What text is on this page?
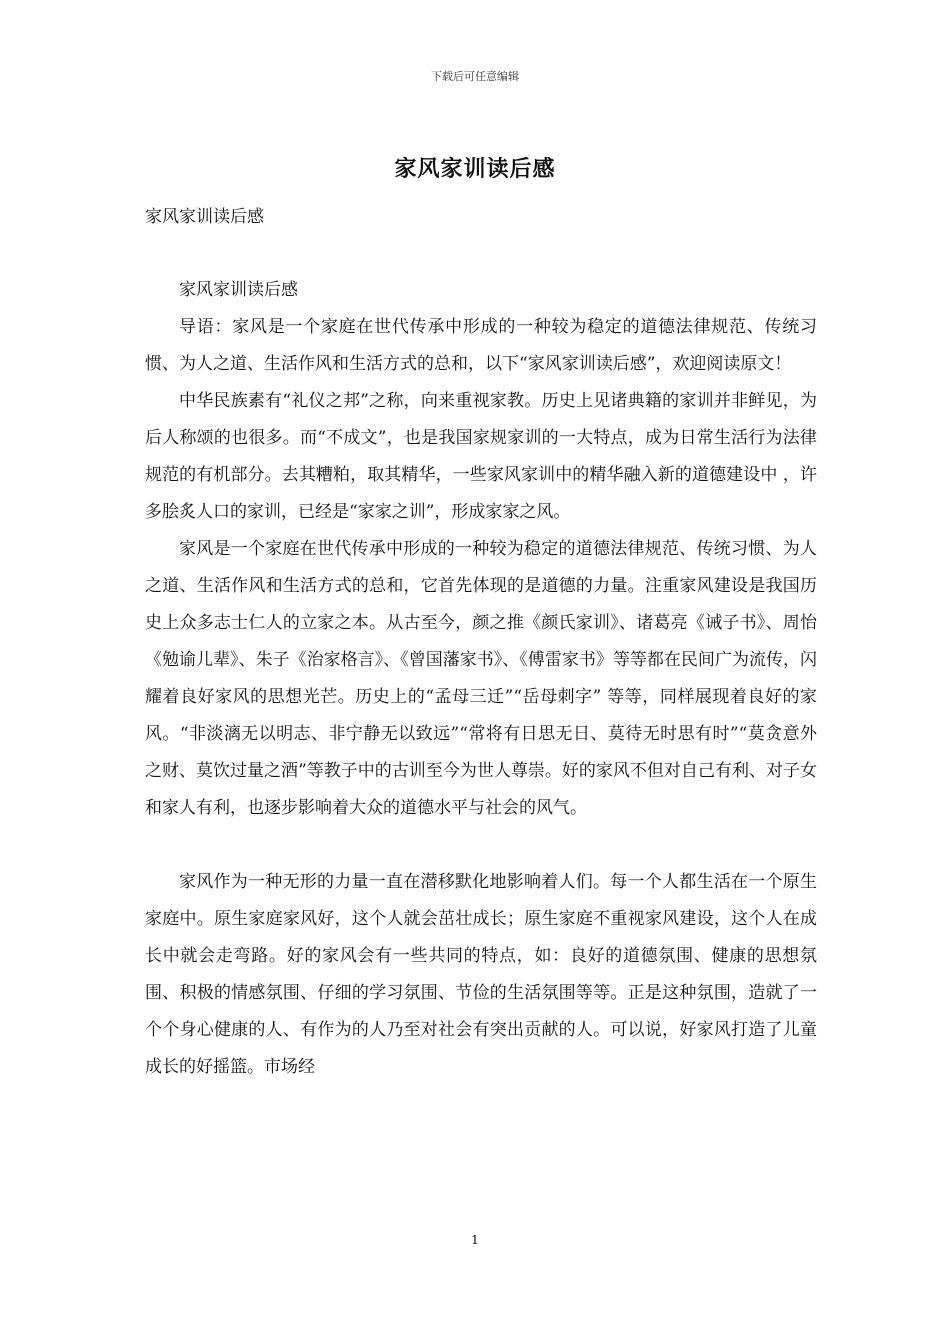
下载后可任意编辑
家风家训读后感
家风家训读后感

家风家训读后感

导语：家风是一个家庭在世代传承中形成的一种较为稳定的道德法律规范、传统习惯、为人之道、生活作风和生活方式的总和，以下“家风家训读后感”，欢迎阅读原文！

中华民族素有“礼仪之邦”之称，向来重视家教。历史上见诸典籍的家训并非鲜见，为后人称颂的也很多。而“不成文”，也是我国家规家训的一大特点，成为日常生活行为法律规范的有机部分。去其糟粕，取其精华，一些家风家训中的精华融入新的道德建设中 ，许多脍炙人口的家训，已经是“家家之训”，形成家家之风。

家风是一个家庭在世代传承中形成的一种较为稳定的道德法律规范、传统习惯、为人之道、生活作风和生活方式的总和，它首先体现的是道德的力量。注重家风建设是我国历史上众多志士仁人的立家之本。从古至今，颜之推《颜氏家训》、诸葛亮《诫子书》、周怡《勉谕儿辈》、朱子《治家格言》、《曾国藩家书》、《傅雷家书》等等都在民间广为流传，闪耀着良好家风的思想光芒。历史上的“孟母三迁”“岳母刺字” 等等，同样展现着良好的家风。“非淡漓无以明志、非宁静无以致远”“常将有日思无日、莫待无时思有时”“莫贪意外之财、莫饮过量之酒”等教子中的古训至今为世人尊崇。好的家风不但对自己有利、对子女和家人有利，也逐步影响着大众的道德水平与社会的风气。

家风作为一种无形的力量一直在潜移默化地影响着人们。每一个人都生活在一个原生家庭中。原生家庭家风好，这个人就会茁壮成长；原生家庭不重视家风建设，这个人在成长中就会走弯路。好的家风会有一些共同的特点，如：良好的道德氛围、健康的思想氛围、积极的情感氛围、仔细的学习氛围、节俭的生活氛围等等。正是这种氛围，造就了一个个身心健康的人、有作为的人乃至对社会有突出贡献的人。可以说，好家风打造了儿童成长的好摇篮。市场经

1
